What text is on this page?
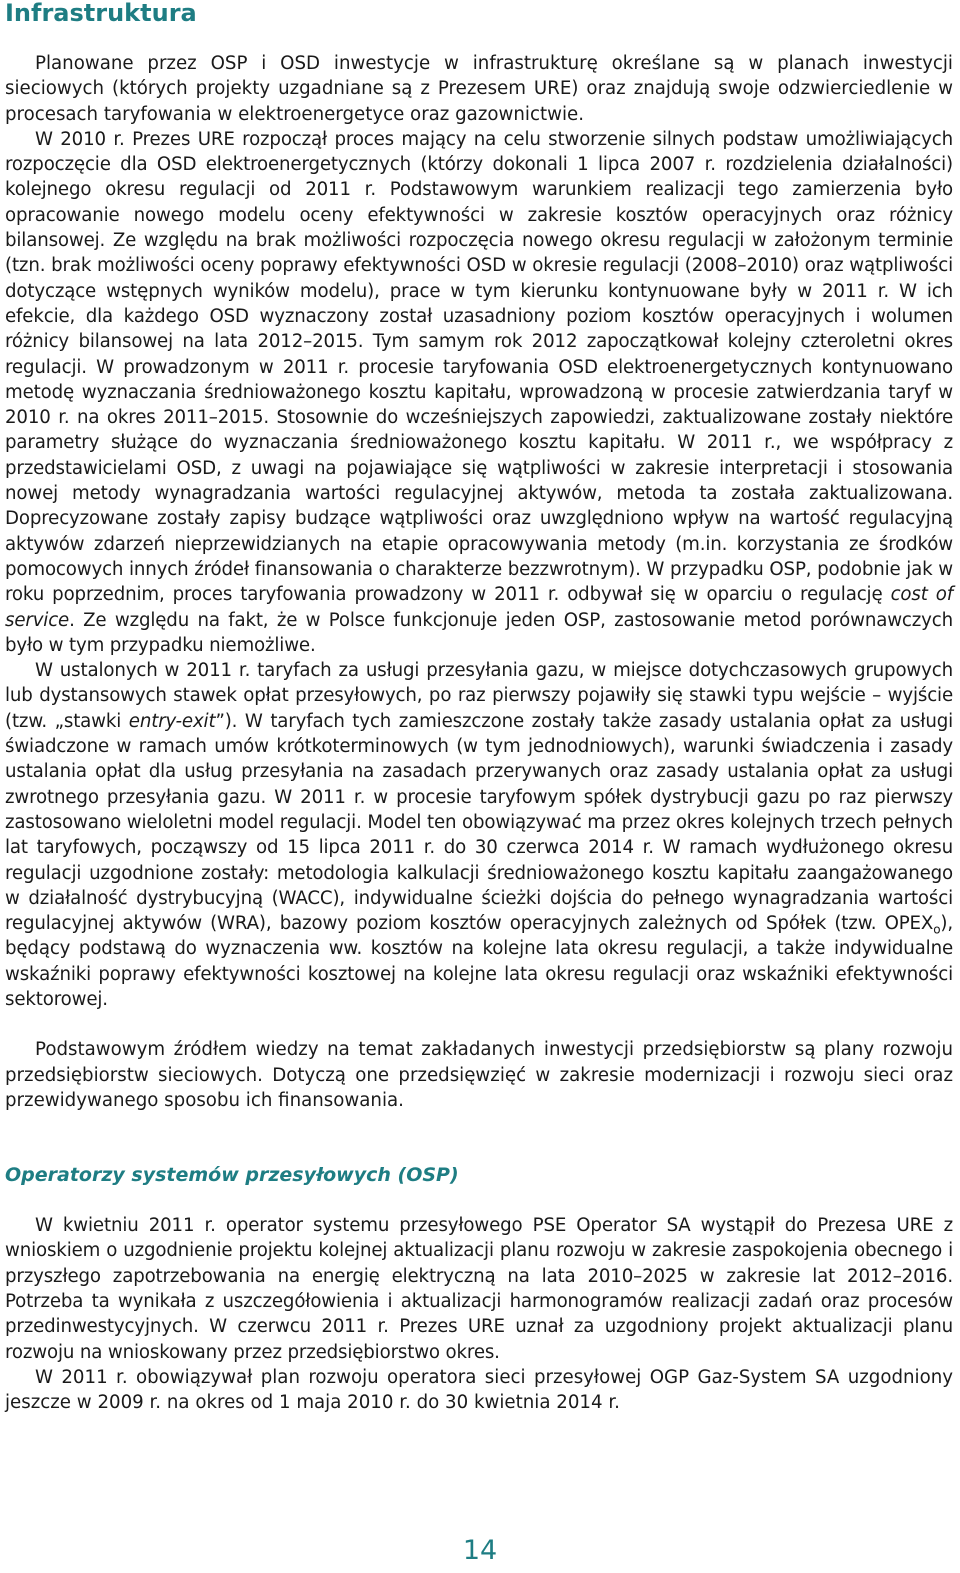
Infrastruktura

Planowane przez OSP i OSD inwestycje w infrastrukturę określane są w planach inwestycji sieciowych (których projekty uzgadniane są z Prezesem URE) oraz znajdują swoje odzwierciedlenie w procesach taryfowania w elektroenergetyce oraz gazownictwie.

W 2010 r. Prezes URE rozpoczął proces mający na celu stworzenie silnych podstaw umożliwiających rozpoczęcie dla OSD elektroenergetycznych (którzy dokonali 1 lipca 2007 r. rozdzielenia działalności) kolejnego okresu regulacji od 2011 r. Podstawowym warunkiem realizacji tego zamierzenia było opracowanie nowego modelu oceny efektywności w zakresie kosztów operacyjnych oraz różnicy bilansowej. Ze względu na brak możliwości rozpoczęcia nowego okresu regulacji w założonym terminie (tzn. brak możliwości oceny poprawy efektywności OSD w okresie regulacji (2008–2010) oraz wątpliwości dotyczące wstępnych wyników modelu), prace w tym kierunku kontynuowane były w 2011 r. W ich efekcie, dla każdego OSD wyznaczony został uzasadniony poziom kosztów operacyjnych i wolumen różnicy bilansowej na lata 2012–2015. Tym samym rok 2012 zapoczątkował kolejny czteroletni okres regulacji. W prowadzonym w 2011 r. procesie taryfowania OSD elektroenergetycznych kontynuowano metodę wyznaczania średnioważonego kosztu kapitału, wprowadzoną w procesie zatwierdzania taryf w 2010 r. na okres 2011–2015. Stosownie do wcześniejszych zapowiedzi, zaktualizowane zostały niektóre parametry służące do wyznaczania średnioważonego kosztu kapitału. W 2011 r., we współpracy z przedstawicielami OSD, z uwagi na pojawiające się wątpliwości w zakresie interpretacji i stosowania nowej metody wynagradzania wartości regulacyjnej aktywów, metoda ta została zaktualizowana. Doprecyzowane zostały zapisy budzące wątpliwości oraz uwzględniono wpływ na wartość regulacyjną aktywów zdarzeń nieprzewidzianych na etapie opracowywania metody (m.in. korzystania ze środków pomocowych innych źródeł finansowania o charakterze bezzwrotnym). W przypadku OSP, podobnie jak w roku poprzednim, proces taryfowania prowadzony w 2011 r. odbywał się w oparciu o regulację cost of service. Ze względu na fakt, że w Polsce funkcjonuje jeden OSP, zastosowanie metod porównawczych było w tym przypadku niemożliwe.

W ustalonych w 2011 r. taryfach za usługi przesyłania gazu, w miejsce dotychczasowych grupowych lub dystansowych stawek opłat przesyłowych, po raz pierwszy pojawiły się stawki typu wejście – wyjście (tzw. „stawki entry-exit”). W taryfach tych zamieszczone zostały także zasady ustalania opłat za usługi świadczone w ramach umów krótkoterminowych (w tym jednodniowych), warunki świadczenia i zasady ustalania opłat dla usług przesyłania na zasadach przerywanych oraz zasady ustalania opłat za usługi zwrotnego przesyłania gazu. W 2011 r. w procesie taryfowym spółek dystrybucji gazu po raz pierwszy zastosowano wieloletni model regulacji. Model ten obowiązywać ma przez okres kolejnych trzech pełnych lat taryfowych, począwszy od 15 lipca 2011 r. do 30 czerwca 2014 r. W ramach wydłużonego okresu regulacji uzgodnione zostały: metodologia kalkulacji średnioważonego kosztu kapitału zaangażowanego w działalność dystrybucyjną (WACC), indywidualne ścieżki dojścia do pełnego wynagradzania wartości regulacyjnej aktywów (WRA), bazowy poziom kosztów operacyjnych zależnych od Spółek (tzw. $OPEX_o$), będący podstawą do wyznaczenia ww. kosztów na kolejne lata okresu regulacji, a także indywidualne wskaźniki poprawy efektywności kosztowej na kolejne lata okresu regulacji oraz wskaźniki efektywności sektorowej.

Podstawowym źródłem wiedzy na temat zakładanych inwestycji przedsiębiorstw są plany rozwoju przedsiębiorstw sieciowych. Dotyczą one przedsięwzięć w zakresie modernizacji i rozwoju sieci oraz przewidywanego sposobu ich finansowania.

Operatorzy systemów przesyłowych (OSP)

W kwietniu 2011 r. operator systemu przesyłowego PSE Operator SA wystąpił do Prezesa URE z wnioskiem o uzgodnienie projektu kolejnej aktualizacji planu rozwoju w zakresie zaspokojenia obecnego i przyszłego zapotrzebowania na energię elektryczną na lata 2010–2025 w zakresie lat 2012–2016. Potrzeba ta wynikała z uszczegółowienia i aktualizacji harmonogramów realizacji zadań oraz procesów przedinwestycyjnych. W czerwcu 2011 r. Prezes URE uznał za uzgodniony projekt aktualizacji planu rozwoju na wnioskowany przez przedsiębiorstwo okres.

W 2011 r. obowiązywał plan rozwoju operatora sieci przesyłowej OGP Gaz-System SA uzgodniony jeszcze w 2009 r. na okres od 1 maja 2010 r. do 30 kwietnia 2014 r.

14
